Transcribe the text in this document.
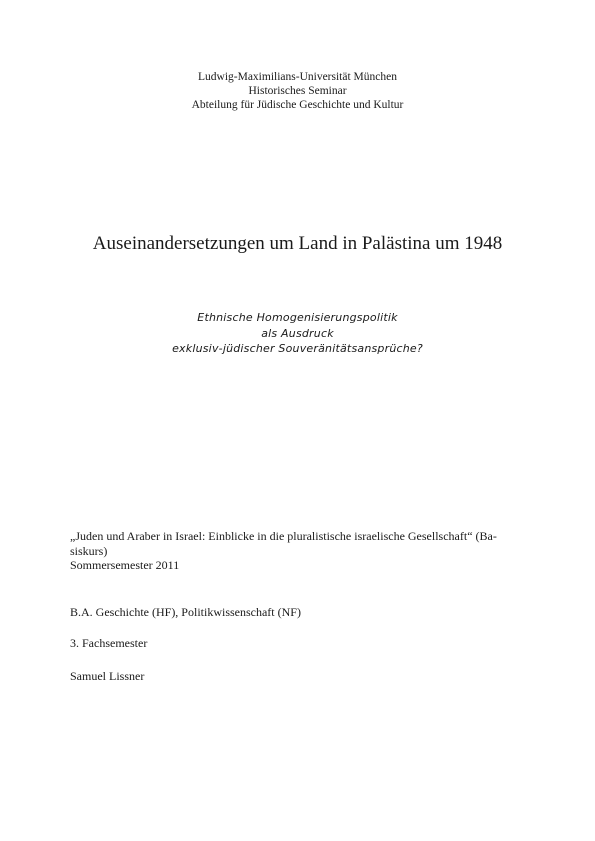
Ludwig-Maximilians-Universität München
Historisches Seminar
Abteilung für Jüdische Geschichte und Kultur
Auseinandersetzungen um Land in Palästina um 1948
Ethnische Homogenisierungspolitik
als Ausdruck
exklusiv-jüdischer Souveränitätsansprüche?
„Juden und Araber in Israel: Einblicke in die pluralistische israelische Gesellschaft“ (Ba-
siskurs)
Sommersemester 2011
B.A. Geschichte (HF), Politikwissenschaft (NF)
3. Fachsemester
Samuel Lissner
